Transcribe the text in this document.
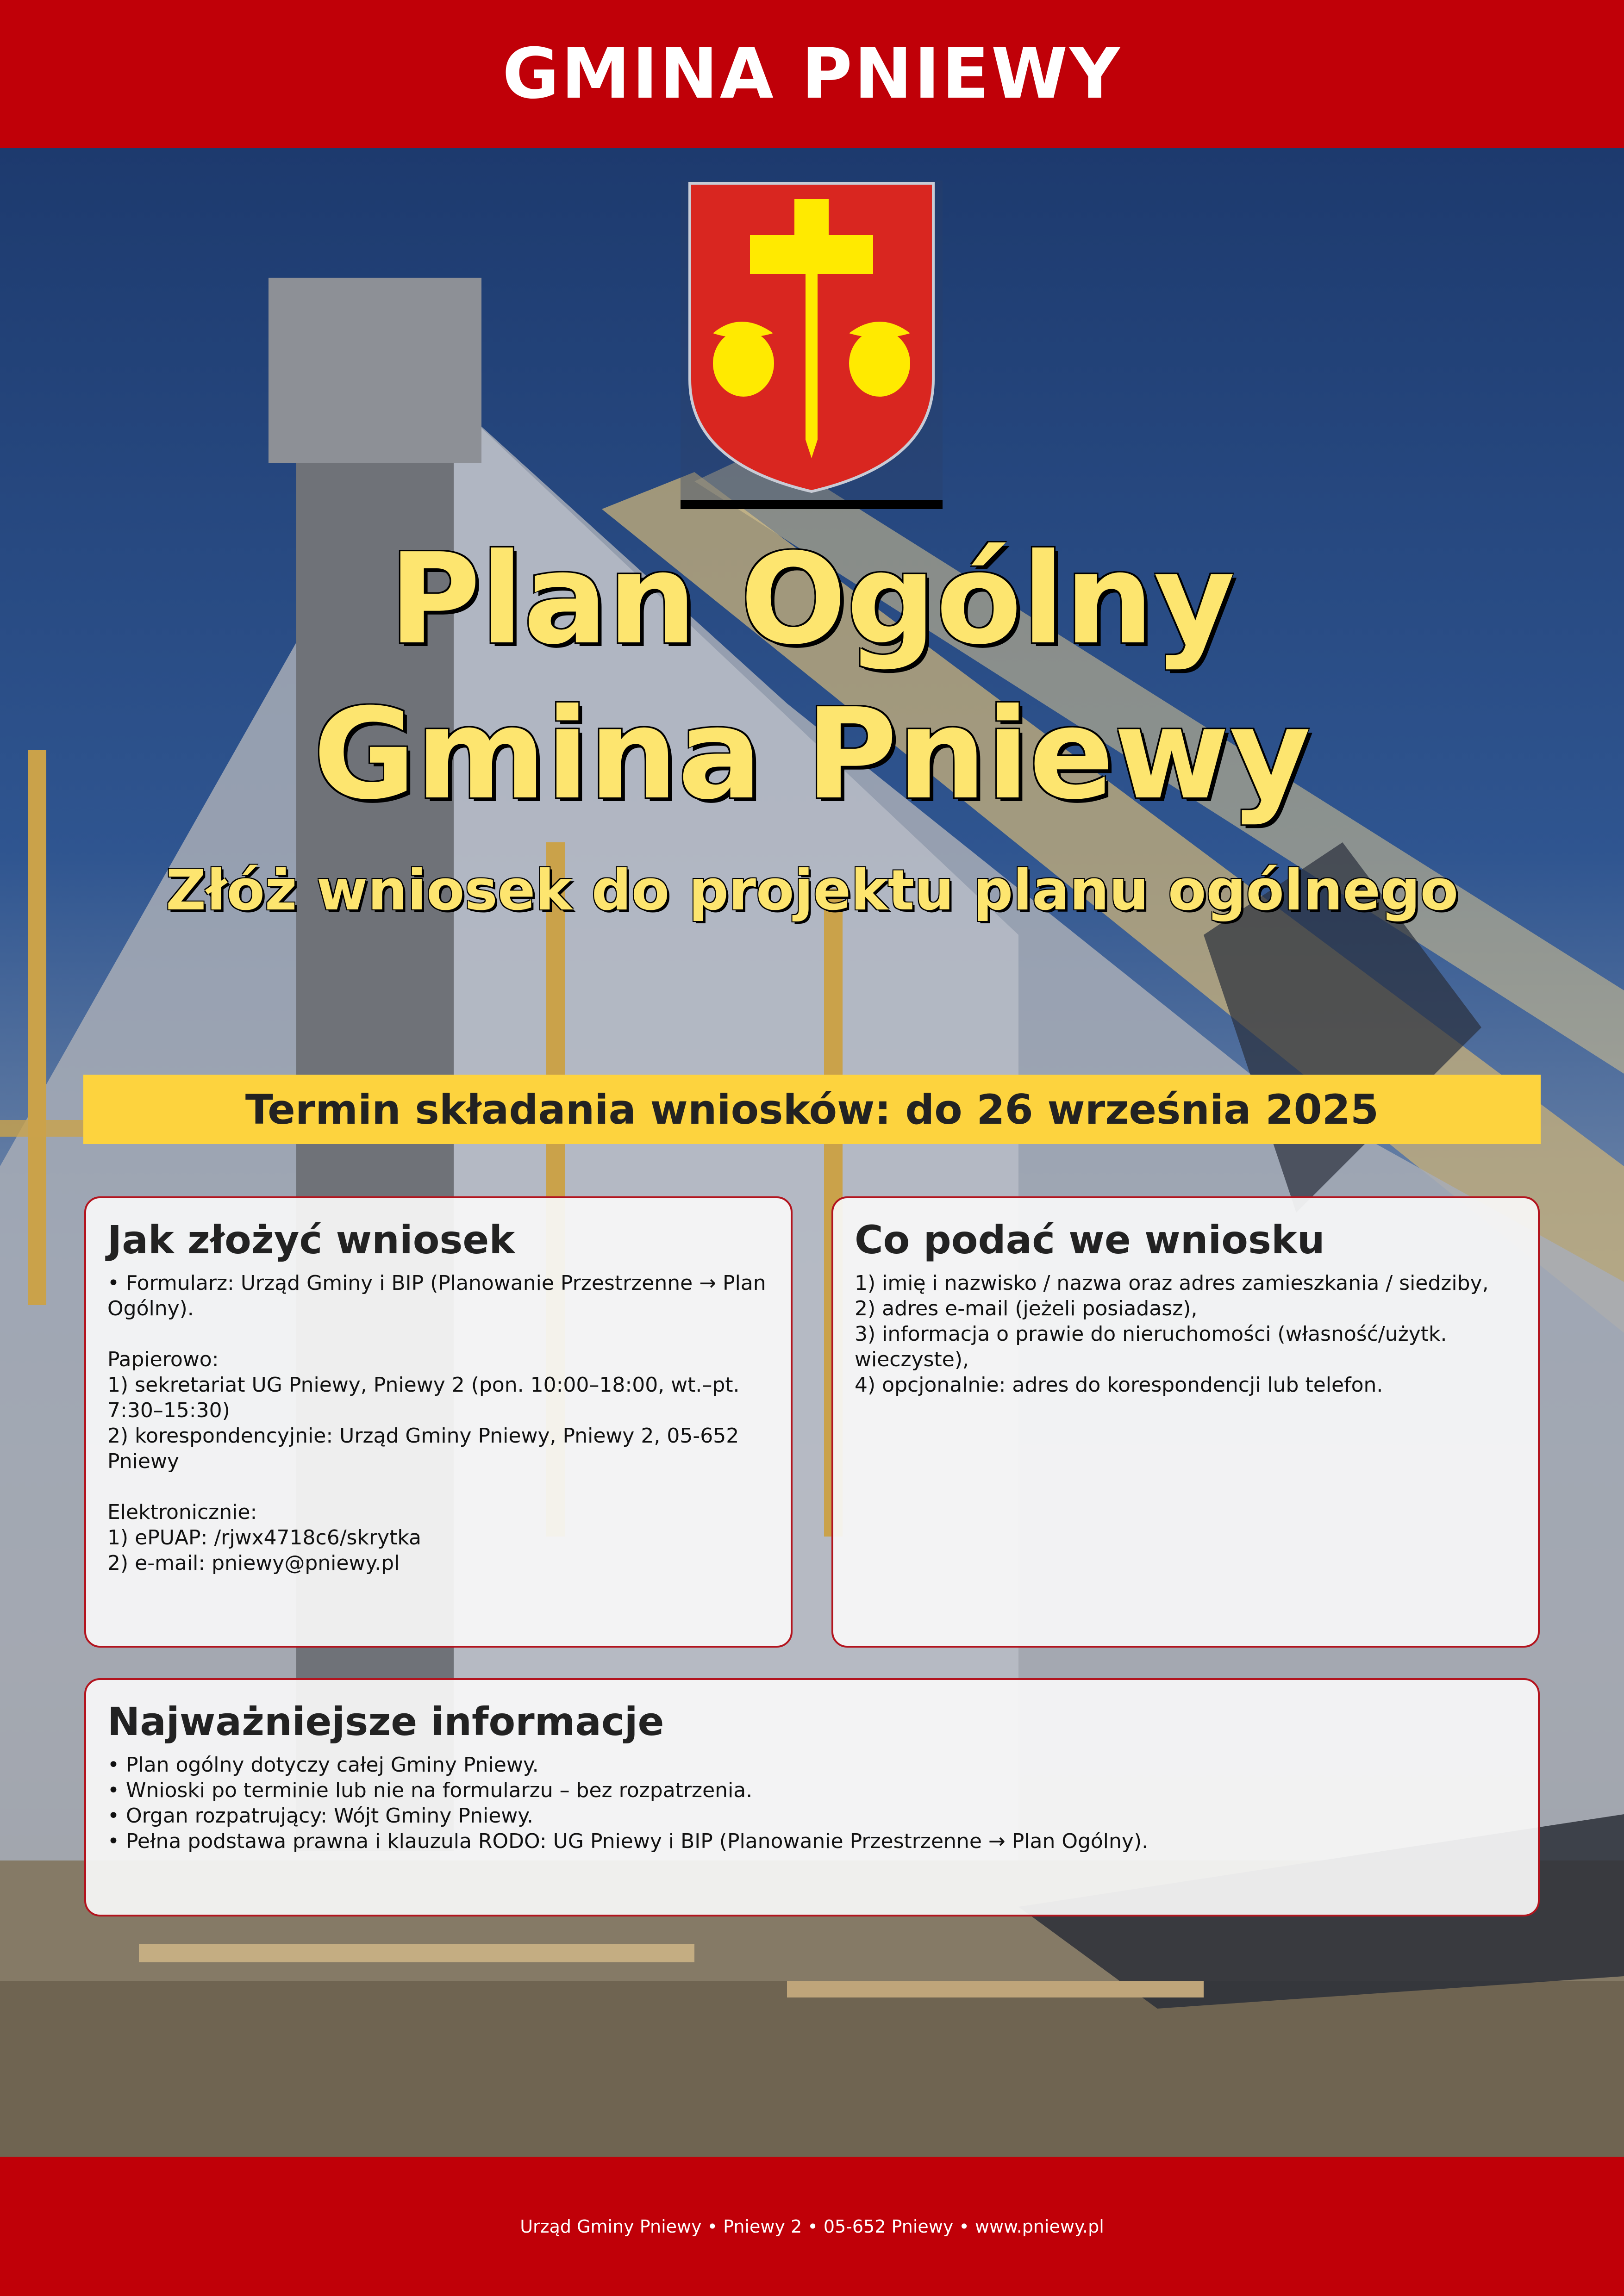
GMINA PNIEWY
Plan Ogólny
Gmina Pniewy
Złóż wniosek do projektu planu ogólnego
Termin składania wniosków: do 26 września 2025
Jak złożyć wniosek

• Formularz: Urząd Gminy i BIP (Planowanie Przestrzenne → Plan Ogólny).

Papierowo:

1) sekretariat UG Pniewy, Pniewy 2 (pon. 10:00–18:00, wt.–pt. 7:30–15:30)

2) korespondencyjnie: Urząd Gminy Pniewy, Pniewy 2, 05-652 Pniewy

Elektronicznie:

1) ePUAP: /rjwx4718c6/skrytka

2) e-mail: pniewy@pniewy.pl

Co podać we wniosku

1) imię i nazwisko / nazwa oraz adres zamieszkania / siedziby,

2) adres e-mail (jeżeli posiadasz),

3) informacja o prawie do nieruchomości (własność/użytk. wieczyste),

4) opcjonalnie: adres do korespondencji lub telefon.

Najważniejsze informacje

• Plan ogólny dotyczy całej Gminy Pniewy.

• Wnioski po terminie lub nie na formularzu – bez rozpatrzenia.

• Organ rozpatrujący: Wójt Gminy Pniewy.

• Pełna podstawa prawna i klauzula RODO: UG Pniewy i BIP (Planowanie Przestrzenne → Plan Ogólny).

Urząd Gminy Pniewy • Pniewy 2 • 05-652 Pniewy • www.pniewy.pl
